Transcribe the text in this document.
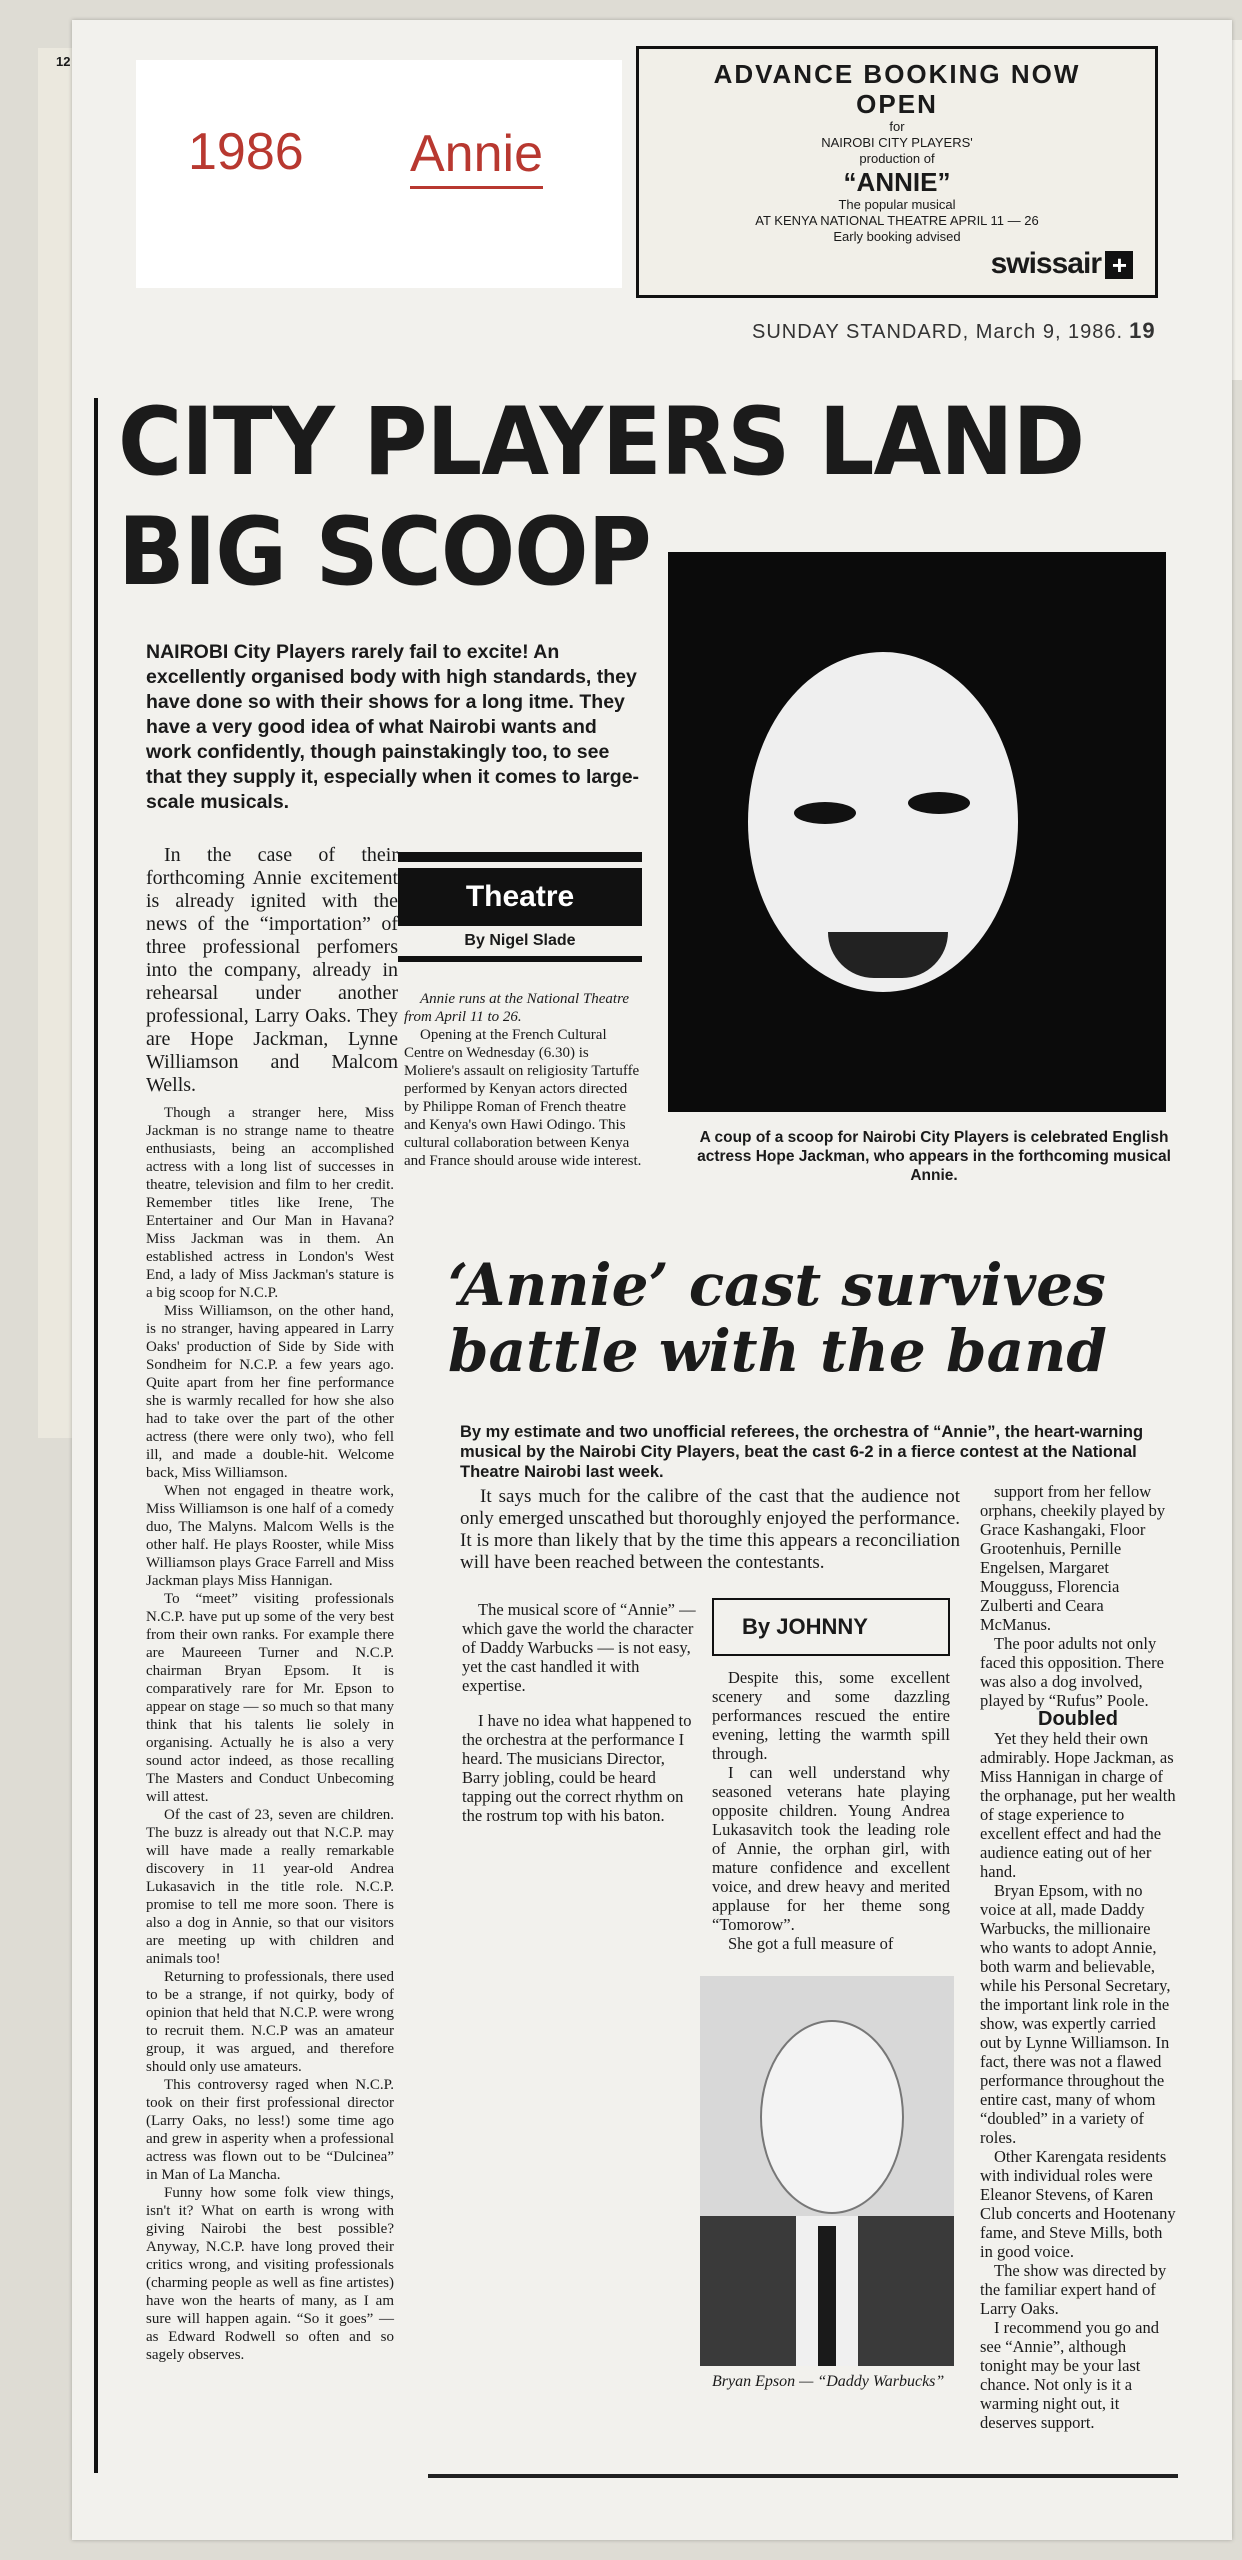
12
1986 Annie
ADVANCE BOOKING NOW
OPEN
for
NAIROBI CITY PLAYERS'
production of
“ANNIE”
The popular musical
AT KENYA NATIONAL THEATRE APRIL 11 — 26
Early booking advised
swissair +
SUNDAY STANDARD, March 9, 1986. 19
CITY PLAYERS LAND
BIG SCOOP
NAIROBI City Players rarely fail to excite! An excellently organised body with high standards, they have done so with their shows for a long itme. They have a very good idea of what Nairobi wants and work confidently, though painstakingly too, to see that they supply it, especially when it comes to large-scale musicals.
A coup of a scoop for Nairobi City Players is celebrated English actress Hope Jackman, who appears in the forthcoming musical Annie.

In the case of their forthcoming Annie excitement is already ignited with the news of the “importation” of three professional perfomers into the company, already in rehearsal under another professional, Larry Oaks. They are Hope Jackman, Lynne Williamson and Malcom Wells.

Though a stranger here, Miss Jackman is no strange name to theatre enthusiasts, being an accomplished actress with a long list of successes in theatre, television and film to her credit. Remember titles like Irene, The Entertainer and Our Man in Havana? Miss Jackman was in them. An established actress in London's West End, a lady of Miss Jackman's stature is a big scoop for N.C.P.

Miss Williamson, on the other hand, is no stranger, having appeared in Larry Oaks' production of Side by Side with Sondheim for N.C.P. a few years ago. Quite apart from her fine performance she is warmly recalled for how she also had to take over the part of the other actress (there were only two), who fell ill, and made a double-hit. Welcome back, Miss Williamson.

When not engaged in theatre work, Miss Williamson is one half of a comedy duo, The Malyns. Malcom Wells is the other half. He plays Rooster, while Miss Williamson plays Grace Farrell and Miss Jackman plays Miss Hannigan.

To “meet” visiting professionals N.C.P. have put up some of the very best from their own ranks. For example there are Maureeen Turner and N.C.P. chairman Bryan Epsom. It is comparatively rare for Mr. Epson to appear on stage — so much so that many think that his talents lie solely in organising. Actually he is also a very sound actor indeed, as those recalling The Masters and Conduct Unbecoming will attest.

Of the cast of 23, seven are children. The buzz is already out that N.C.P. may will have made a really remarkable discovery in 11 year-old Andrea Lukasavich in the title role. N.C.P. promise to tell me more soon. There is also a dog in Annie, so that our visitors are meeting up with children and animals too!

Returning to professionals, there used to be a strange, if not quirky, body of opinion that held that N.C.P. were wrong to recruit them. N.C.P was an amateur group, it was argued, and therefore should only use amateurs.

This controversy raged when N.C.P. took on their first professional director (Larry Oaks, no less!) some time ago and grew in asperity when a professional actress was flown out to be “Dulcinea” in Man of La Mancha.

Funny how some folk view things, isn't it? What on earth is wrong with giving Nairobi the best possible? Anyway, N.C.P. have long proved their critics wrong, and visiting professionals (charming people as well as fine artistes) have won the hearts of many, as I am sure will happen again. “So it goes” — as Edward Rodwell so often and so sagely observes.

Theatre
By Nigel Slade

Annie runs at the National Theatre from April 11 to 26.

Opening at the French Cultural Centre on Wednesday (6.30) is Moliere's assault on religiosity Tartuffe performed by Kenyan actors directed by Philippe Roman of French theatre and Kenya's own Hawi Odingo. This cultural collaboration between Kenya and France should arouse wide interest.

‘Annie’ cast survives
battle with the band
By my estimate and two unofficial referees, the orchestra of “Annie”, the heart-warning musical by the Nairobi City Players, beat the cast 6-2 in a fierce contest at the National Theatre Nairobi last week.
It says much for the calibre of the cast that the audience not only emerged unscathed but thoroughly enjoyed the performance. It is more than likely that by the time this appears a reconciliation will have been reached between the contestants.

The musical score of “Annie” — which gave the world the character of Daddy Warbucks — is not easy, yet the cast handled it with expertise.

I have no idea what happened to the orchestra at the performance I heard. The musicians Director, Barry jobling, could be heard tapping out the correct rhythm on the rostrum top with his baton.

By JOHNNY

Despite this, some excellent scenery and some dazzling performances rescued the entire evening, letting the warmth spill through.

I can well understand why seasoned veterans hate playing opposite children. Young Andrea Lukasavitch took the leading role of Annie, the orphan girl, with mature confidence and excellent voice, and drew heavy and merited applause for her theme song “Tomorow”.

She got a full measure of

Bryan Epson — “Daddy Warbucks”

support from her fellow orphans, cheekily played by Grace Kashangaki, Floor Grootenhuis, Pernille Engelsen, Margaret Mougguss, Florencia Zulberti and Ceara McManus.

The poor adults not only faced this opposition. There was also a dog involved, played by “Rufus” Poole.

Doubled

Yet they held their own admirably. Hope Jackman, as Miss Hannigan in charge of the orphanage, put her wealth of stage experience to excellent effect and had the audience eating out of her hand.

Bryan Epsom, with no voice at all, made Daddy Warbucks, the millionaire who wants to adopt Annie, both warm and believable, while his Personal Secretary, the important link role in the show, was expertly carried out by Lynne Williamson. In fact, there was not a flawed performance throughout the entire cast, many of whom “doubled” in a variety of roles.

Other Karengata residents with individual roles were Eleanor Stevens, of Karen Club concerts and Hootenany fame, and Steve Mills, both in good voice.

The show was directed by the familiar expert hand of Larry Oaks.

I recommend you go and see “Annie”, although tonight may be your last chance. Not only is it a warming night out, it deserves support.
